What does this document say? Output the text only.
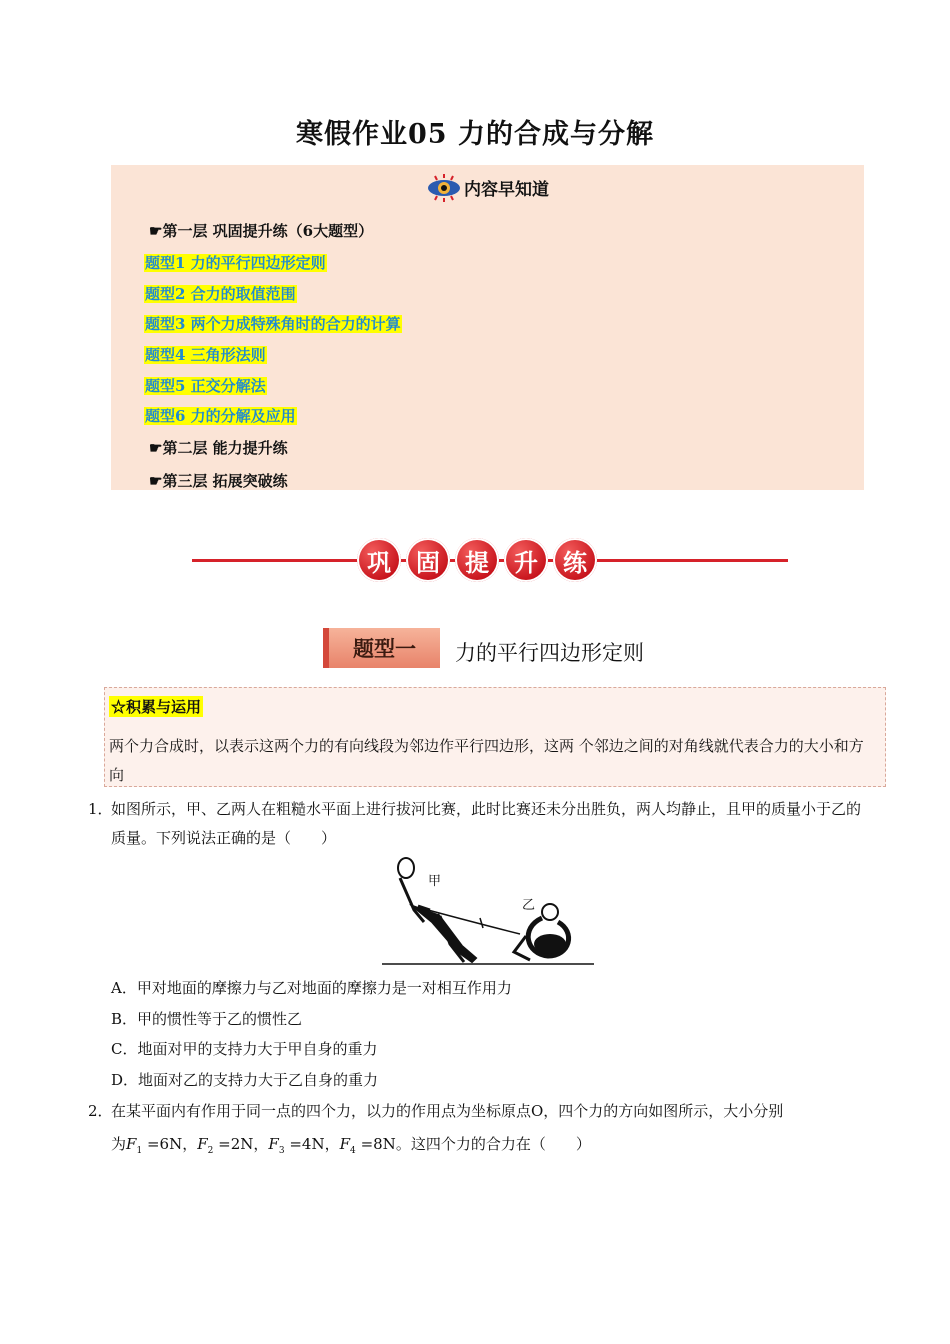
寒假作业05 力的合成与分解
内容早知道
☛第一层 巩固提升练（6大题型）
题型1 力的平行四边形定则
题型2 合力的取值范围
题型3 两个力成特殊角时的合力的计算
题型4 三角形法则
题型5 正交分解法
题型6 力的分解及应用
☛第二层 能力提升练
☛第三层 拓展突破练
巩	固	提	升	练
题型一	力的平行四边形定则
☆积累与运用
两个力合成时，以表示这两个力的有向线段为邻边作平行四边形，这两 个邻边之间的对角线就代表合力的大小和方向
1．
如图所示，甲、乙两人在粗糙水平面上进行拔河比赛，此时比赛还未分出胜负，两人均静止，且甲的质量小于乙的质量。下列说法正确的是（　　）
甲
乙
A．甲对地面的摩擦力与乙对地面的摩擦力是一对相互作用力
B．甲的惯性等于乙的惯性乙
C．地面对甲的支持力大于甲自身的重力
D．地面对乙的支持力大于乙自身的重力
2．
在某平面内有作用于同一点的四个力，以力的作用点为坐标原点O，四个力的方向如图所示，大小分别
为$F_1 =6N$，$F_2 =2N$，$F_3 =4N$，$F_4 =8N$。这四个力的合力在（　　）
